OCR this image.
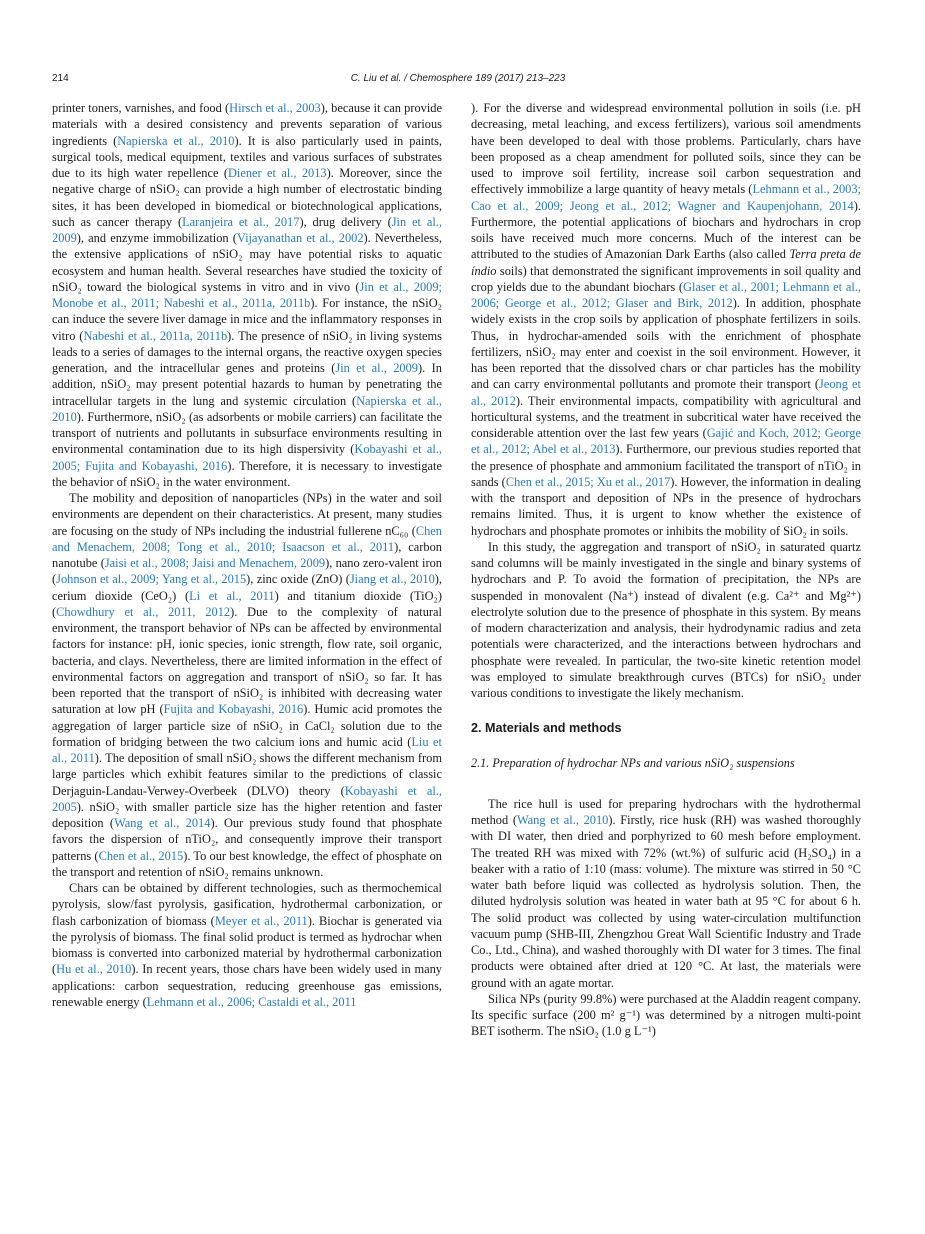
214	C. Liu et al. / Chemosphere 189 (2017) 213–223

printer toners, varnishes, and food (Hirsch et al., 2003), because it can provide materials with a desired consistency and prevents separation of various ingredients (Napierska et al., 2010). It is also particularly used in paints, surgical tools, medical equipment, textiles and various surfaces of substrates due to its high water repellence (Diener et al., 2013). Moreover, since the negative charge of nSiO₂ can provide a high number of electrostatic binding sites, it has been developed in biomedical or biotechnological applications, such as cancer therapy (Laranjeira et al., 2017), drug delivery (Jin et al., 2009), and enzyme immobilization (Vijayanathan et al., 2002). Nevertheless, the extensive applications of nSiO₂ may have potential risks to aquatic ecosystem and human health. Several researches have studied the toxicity of nSiO₂ toward the biological systems in vitro and in vivo (Jin et al., 2009; Monobe et al., 2011; Nabeshi et al., 2011a, 2011b). For instance, the nSiO₂ can induce the severe liver damage in mice and the inflammatory responses in vitro (Nabeshi et al., 2011a, 2011b). The presence of nSiO₂ in living systems leads to a series of damages to the internal organs, the reactive oxygen species generation, and the intracellular genes and proteins (Jin et al., 2009). In addition, nSiO₂ may present potential hazards to human by penetrating the intracellular targets in the lung and systemic circulation (Napierska et al., 2010). Furthermore, nSiO₂ (as adsorbents or mobile carriers) can facilitate the transport of nutrients and pollutants in subsurface environments resulting in environmental contamination due to its high dispersivity (Kobayashi et al., 2005; Fujita and Kobayashi, 2016). Therefore, it is necessary to investigate the behavior of nSiO₂ in the water environment.

The mobility and deposition of nanoparticles (NPs) in the water and soil environments are dependent on their characteristics. At present, many studies are focusing on the study of NPs including the industrial fullerene nC₆₀ (Chen and Menachem, 2008; Tong et al., 2010; Isaacson et al., 2011), carbon nanotube (Jaisi et al., 2008; Jaisi and Menachem, 2009), nano zero-valent iron (Johnson et al., 2009; Yang et al., 2015), zinc oxide (ZnO) (Jiang et al., 2010), cerium dioxide (CeO₂) (Li et al., 2011) and titanium dioxide (TiO₂) (Chowdhury et al., 2011, 2012). Due to the complexity of natural environment, the transport behavior of NPs can be affected by environmental factors for instance: pH, ionic species, ionic strength, flow rate, soil organic, bacteria, and clays. Nevertheless, there are limited information in the effect of environmental factors on aggregation and transport of nSiO₂ so far. It has been reported that the transport of nSiO₂ is inhibited with decreasing water saturation at low pH (Fujita and Kobayashi, 2016). Humic acid promotes the aggregation of larger particle size of nSiO₂ in CaCl₂ solution due to the formation of bridging between the two calcium ions and humic acid (Liu et al., 2011). The deposition of small nSiO₂ shows the different mechanism from large particles which exhibit features similar to the predictions of classic Derjaguin-Landau-Verwey-Overbeek (DLVO) theory (Kobayashi et al., 2005). nSiO₂ with smaller particle size has the higher retention and faster deposition (Wang et al., 2014). Our previous study found that phosphate favors the dispersion of nTiO₂, and consequently improve their transport patterns (Chen et al., 2015). To our best knowledge, the effect of phosphate on the transport and retention of nSiO₂ remains unknown.

Chars can be obtained by different technologies, such as thermochemical pyrolysis, slow/fast pyrolysis, gasification, hydrothermal carbonization, or flash carbonization of biomass (Meyer et al., 2011). Biochar is generated via the pyrolysis of biomass. The final solid product is termed as hydrochar when biomass is converted into carbonized material by hydrothermal carbonization (Hu et al., 2010). In recent years, those chars have been widely used in many applications: carbon sequestration, reducing greenhouse gas emissions, renewable energy (Lehmann et al., 2006; Castaldi et al., 2011

). For the diverse and widespread environmental pollution in soils (i.e. pH decreasing, metal leaching, and excess fertilizers), various soil amendments have been developed to deal with those problems. Particularly, chars have been proposed as a cheap amendment for polluted soils, since they can be used to improve soil fertility, increase soil carbon sequestration and effectively immobilize a large quantity of heavy metals (Lehmann et al., 2003; Cao et al., 2009; Jeong et al., 2012; Wagner and Kaupenjohann, 2014). Furthermore, the potential applications of biochars and hydrochars in crop soils have received much more concerns. Much of the interest can be attributed to the studies of Amazonian Dark Earths (also called Terra preta de índio soils) that demonstrated the significant improvements in soil quality and crop yields due to the abundant biochars (Glaser et al., 2001; Lehmann et al., 2006; George et al., 2012; Glaser and Birk, 2012). In addition, phosphate widely exists in the crop soils by application of phosphate fertilizers in soils. Thus, in hydrochar-amended soils with the enrichment of phosphate fertilizers, nSiO₂ may enter and coexist in the soil environment. However, it has been reported that the dissolved chars or char particles has the mobility and can carry environmental pollutants and promote their transport (Jeong et al., 2012). Their environmental impacts, compatibility with agricultural and horticultural systems, and the treatment in subcritical water have received the considerable attention over the last few years (Gajić and Koch, 2012; George et al., 2012; Abel et al., 2013). Furthermore, our previous studies reported that the presence of phosphate and ammonium facilitated the transport of nTiO₂ in sands (Chen et al., 2015; Xu et al., 2017). However, the information in dealing with the transport and deposition of NPs in the presence of hydrochars remains limited. Thus, it is urgent to know whether the existence of hydrochars and phosphate promotes or inhibits the mobility of SiO₂ in soils.

In this study, the aggregation and transport of nSiO₂ in saturated quartz sand columns will be mainly investigated in the single and binary systems of hydrochars and P. To avoid the formation of precipitation, the NPs are suspended in monovalent (Na⁺) instead of divalent (e.g. Ca²⁺ and Mg²⁺) electrolyte solution due to the presence of phosphate in this system. By means of modern characterization and analysis, their hydrodynamic radius and zeta potentials were characterized, and the interactions between hydrochars and phosphate were revealed. In particular, the two-site kinetic retention model was employed to simulate breakthrough curves (BTCs) for nSiO₂ under various conditions to investigate the likely mechanism.

2. Materials and methods
2.1. Preparation of hydrochar NPs and various nSiO₂ suspensions

The rice hull is used for preparing hydrochars with the hydrothermal method (Wang et al., 2010). Firstly, rice husk (RH) was washed thoroughly with DI water, then dried and porphyrized to 60 mesh before employment. The treated RH was mixed with 72% (wt.%) of sulfuric acid (H₂SO₄) in a beaker with a ratio of 1:10 (mass: volume). The mixture was stirred in 50 °C water bath before liquid was collected as hydrolysis solution. Then, the diluted hydrolysis solution was heated in water bath at 95 °C for about 6 h. The solid product was collected by using water-circulation multifunction vacuum pump (SHB-III, Zhengzhou Great Wall Scientific Industry and Trade Co., Ltd., China), and washed thoroughly with DI water for 3 times. The final products were obtained after dried at 120 °C. At last, the materials were ground with an agate mortar.

Silica NPs (purity 99.8%) were purchased at the Aladdin reagent company. Its specific surface (200 m² g⁻¹) was determined by a nitrogen multi-point BET isotherm. The nSiO₂ (1.0 g L⁻¹)
